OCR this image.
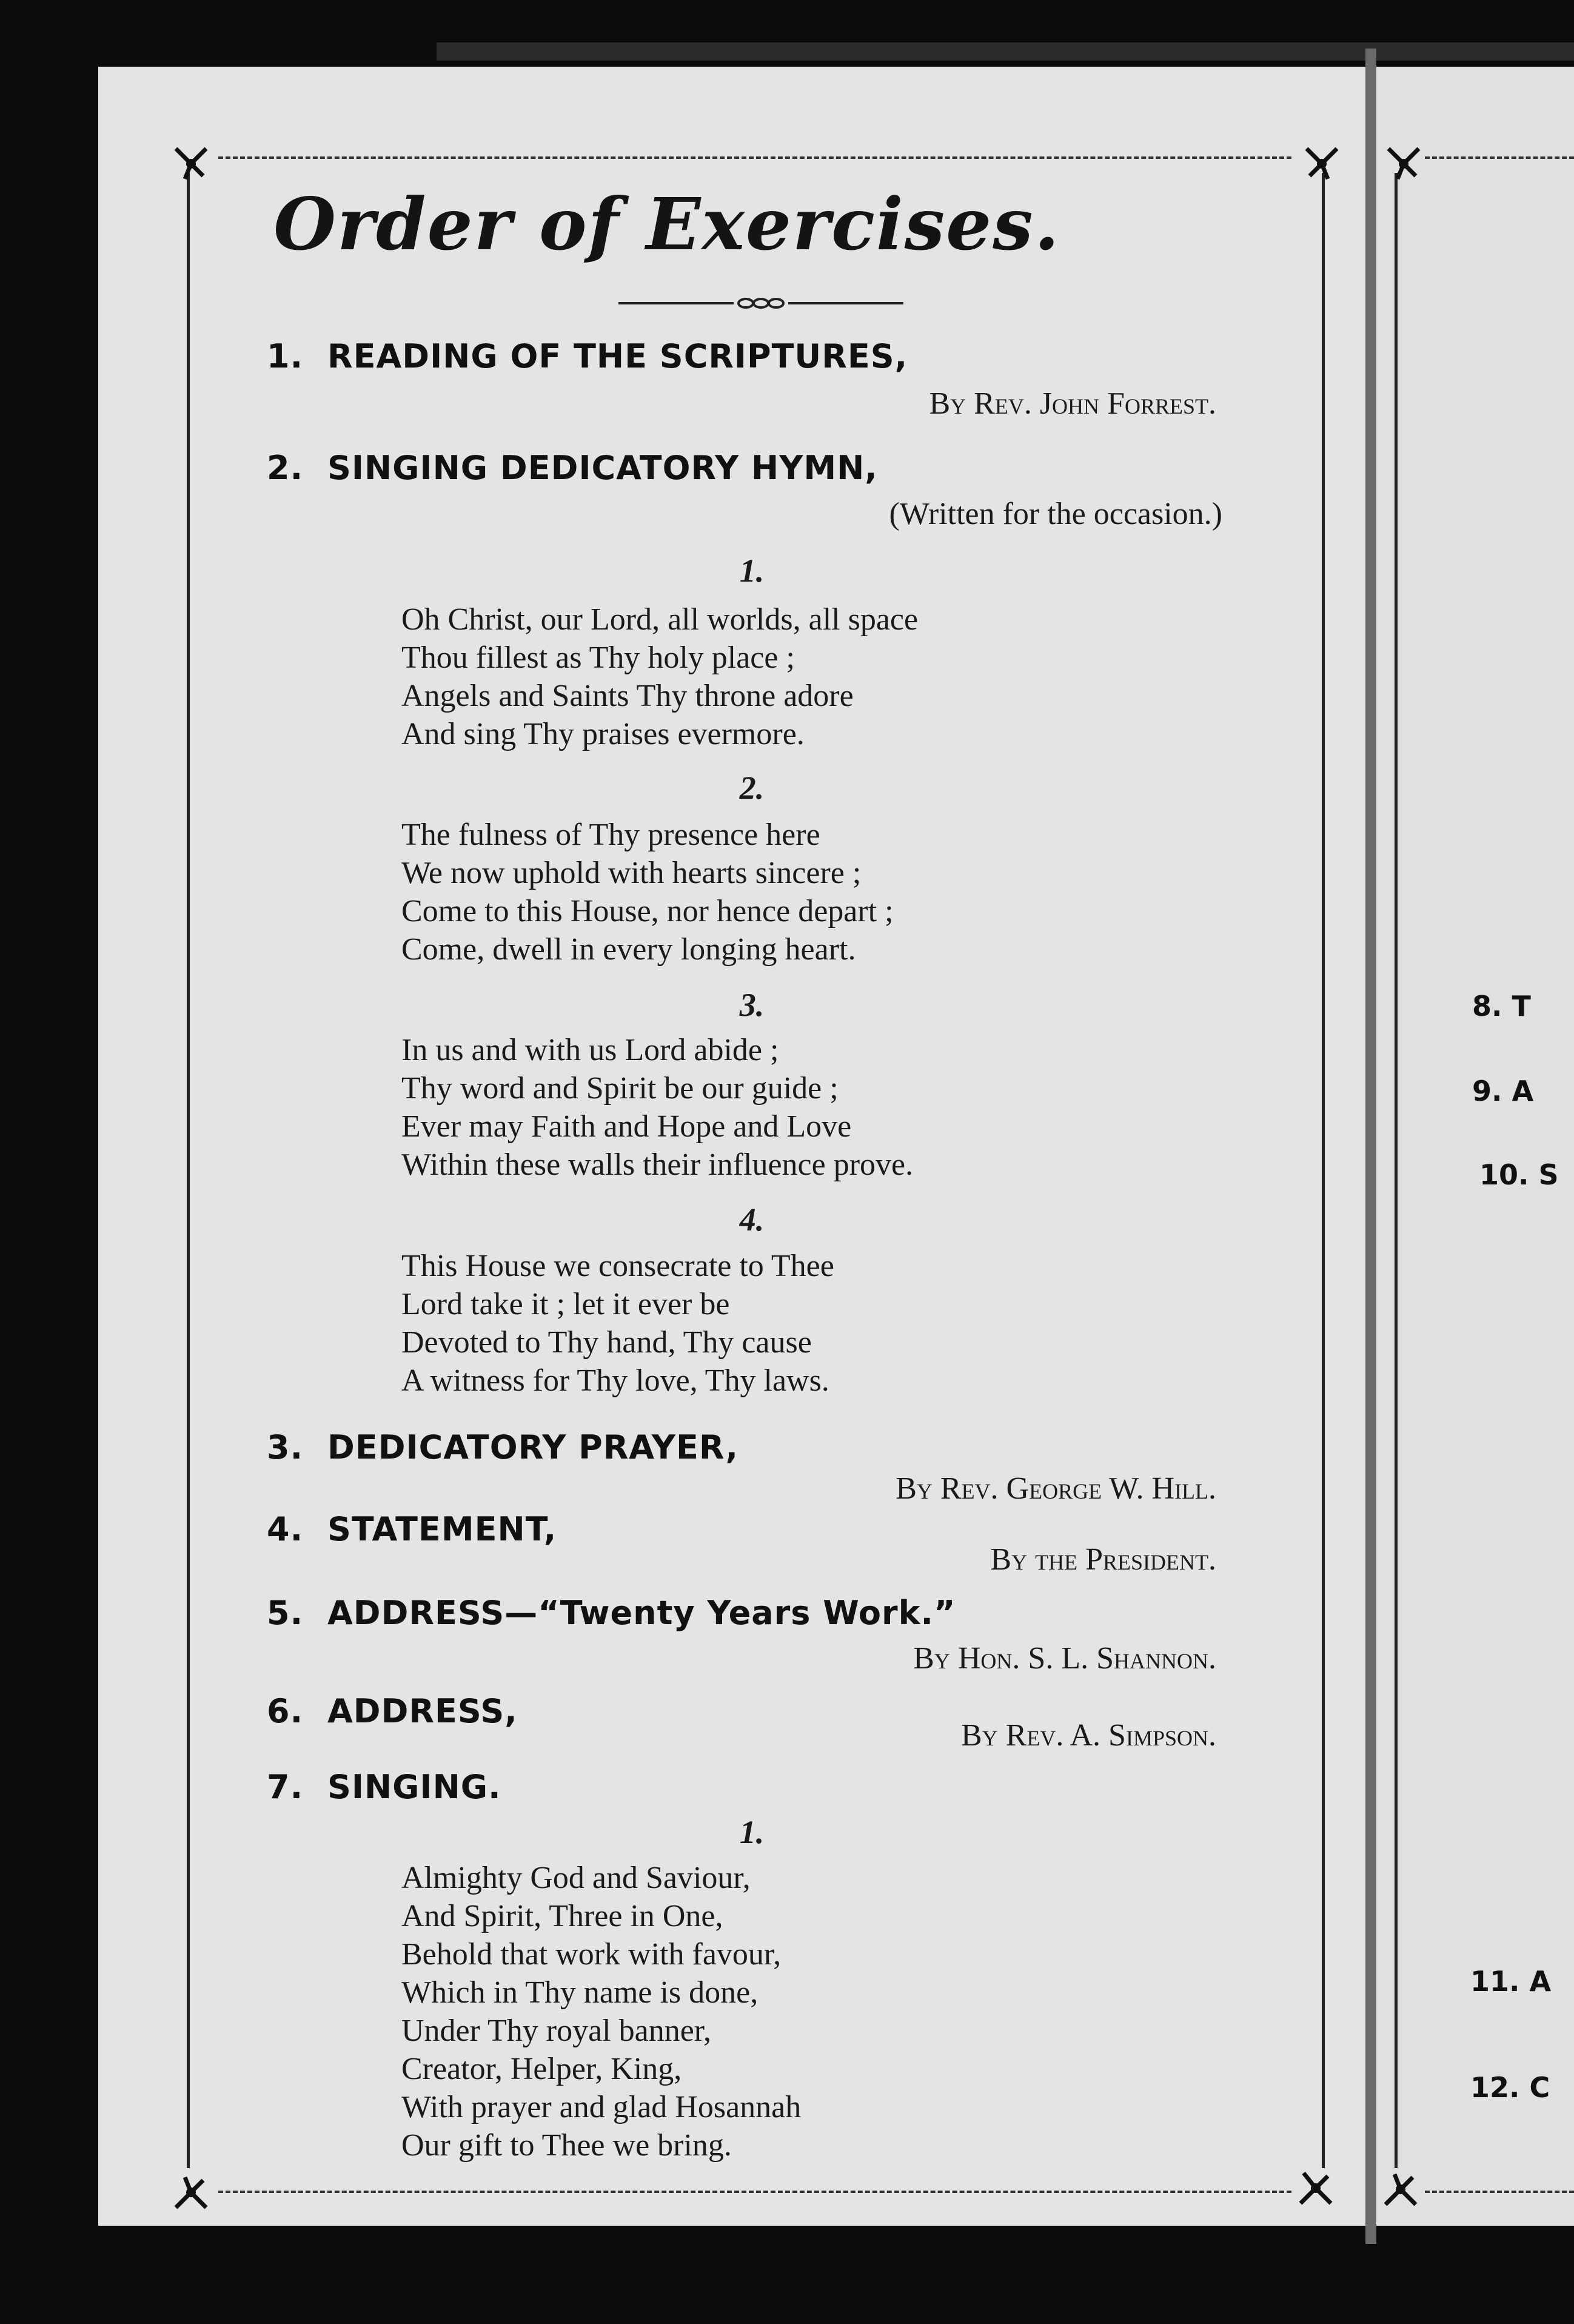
Order of Exercises.
1. READING OF THE SCRIPTURES,
By Rev. John Forrest.
2. SINGING DEDICATORY HYMN,
(Written for the occasion.)
1.
Oh Christ, our Lord, all worlds, all space
Thou fillest as Thy holy place ;
Angels and Saints Thy throne adore
And sing Thy praises evermore.
2.
The fulness of Thy presence here
We now uphold with hearts sincere ;
Come to this House, nor hence depart ;
Come, dwell in every longing heart.
3.
In us and with us Lord abide ;
Thy word and Spirit be our guide ;
Ever may Faith and Hope and Love
Within these walls their influence prove.
4.
This House we consecrate to Thee
Lord take it ; let it ever be
Devoted to Thy hand, Thy cause
A witness for Thy love, Thy laws.
3. DEDICATORY PRAYER,
By Rev. George W. Hill.
4. STATEMENT,
By the President.
5. ADDRESS—“Twenty Years Work.”
By Hon. S. L. Shannon.
6. ADDRESS,
By Rev. A. Simpson.
7. SINGING.
1.
Almighty God and Saviour,
And Spirit, Three in One,
Behold that work with favour,
Which in Thy name is done,
Under Thy royal banner,
Creator, Helper, King,
With prayer and glad Hosannah
Our gift to Thee we bring.
8. T
9. A
10. S
11. A
12. C
